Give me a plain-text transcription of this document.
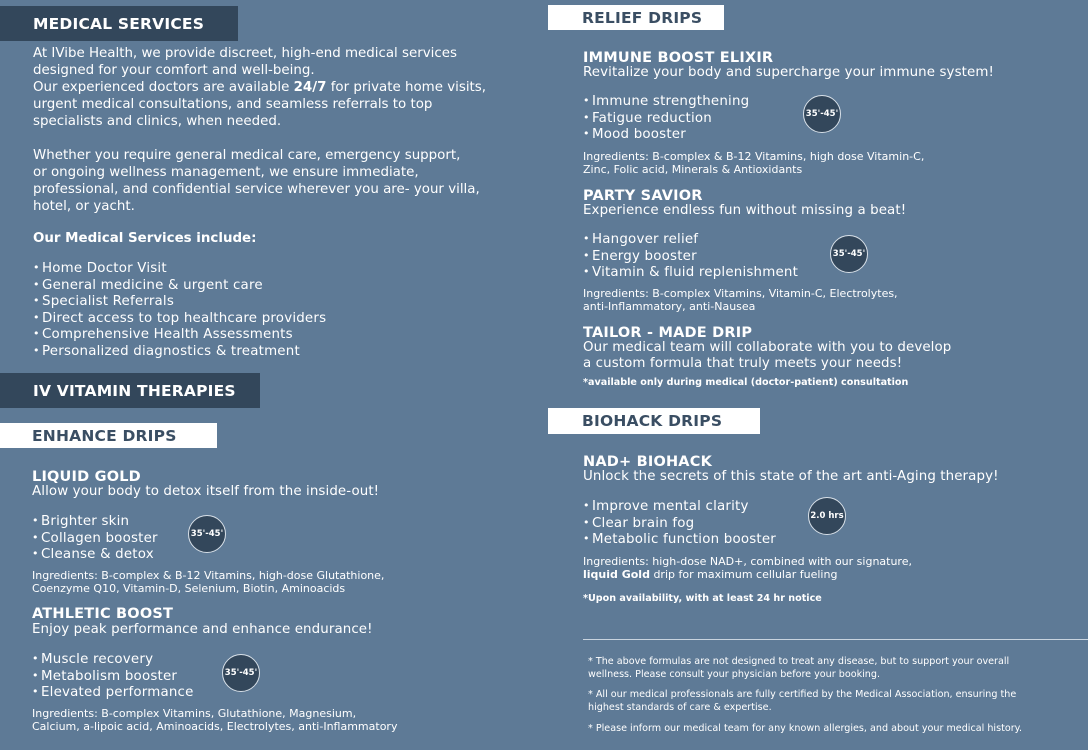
MEDICAL SERVICES
At IVibe Health, we provide discreet, high-end medical services
designed for your comfort and well-being.
Our experienced doctors are available 24/7 for private home visits,
urgent medical consultations, and seamless referrals to top
specialists and clinics, when needed.
Whether you require general medical care, emergency support,
or ongoing wellness management, we ensure immediate,
professional, and confidential service wherever you are- your villa,
hotel, or yacht.
Our Medical Services include:
• Home Doctor Visit
• General medicine & urgent care
• Specialist Referrals
• Direct access to top healthcare providers
• Comprehensive Health Assessments
• Personalized diagnostics & treatment
IV VITAMIN THERAPIES
ENHANCE DRIPS
LIQUID GOLD
Allow your body to detox itself from the inside-out!
• Brighter skin
• Collagen booster
• Cleanse & detox
35'-45'
Ingredients: B-complex & B-12 Vitamins, high-dose Glutathione,
Coenzyme Q10, Vitamin-D, Selenium, Biotin, Aminoacids
ATHLETIC BOOST
Enjoy peak performance and enhance endurance!
• Muscle recovery
• Metabolism booster
• Elevated performance
35'-45'
Ingredients: B-complex Vitamins, Glutathione, Magnesium,
Calcium, a-lipoic acid, Aminoacids, Electrolytes, anti-Inflammatory
RELIEF DRIPS
IMMUNE BOOST ELIXIR
Revitalize your body and supercharge your immune system!
• Immune strengthening
• Fatigue reduction
• Mood booster
35'-45'
Ingredients: B-complex & B-12 Vitamins, high dose Vitamin-C,
Zinc, Folic acid, Minerals & Antioxidants
PARTY SAVIOR
Experience endless fun without missing a beat!
• Hangover relief
• Energy booster
• Vitamin & fluid replenishment
35'-45'
Ingredients: B-complex Vitamins, Vitamin-C, Electrolytes,
anti-Inflammatory, anti-Nausea
TAILOR - MADE DRIP
Our medical team will collaborate with you to develop
a custom formula that truly meets your needs!
*available only during medical (doctor-patient) consultation
BIOHACK DRIPS
NAD+ BIOHACK
Unlock the secrets of this state of the art anti-Aging therapy!
• Improve mental clarity
• Clear brain fog
• Metabolic function booster
2.0 hrs
Ingredients: high-dose NAD+, combined with our signature,
liquid Gold drip for maximum cellular fueling
*Upon availability, with at least 24 hr notice
* The above formulas are not designed to treat any disease, but to support your overall
wellness. Please consult your physician before your booking.
* All our medical professionals are fully certified by the Medical Association, ensuring the
highest standards of care & expertise.
* Please inform our medical team for any known allergies, and about your medical history.
